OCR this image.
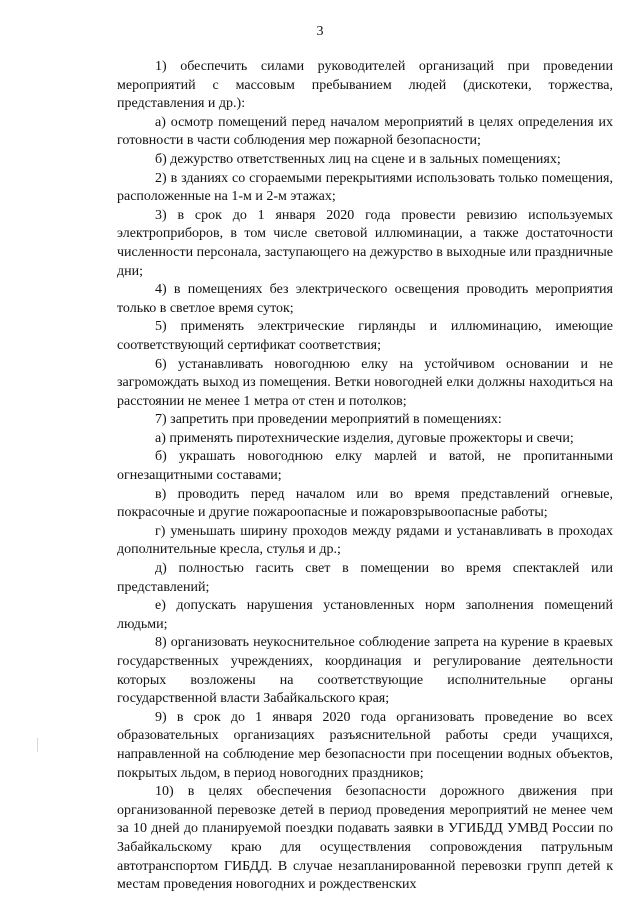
3

1) обеспечить силами руководителей организаций при проведении мероприятий с массовым пребыванием людей (дискотеки, торжества, представления и др.):

а) осмотр помещений перед началом мероприятий в целях определения их готовности в части соблюдения мер пожарной безопасности;

б) дежурство ответственных лиц на сцене и в зальных помещениях;

2) в зданиях со сгораемыми перекрытиями использовать только помещения, расположенные на 1-м и 2-м этажах;

3) в срок до 1 января 2020 года провести ревизию используемых электроприборов, в том числе световой иллюминации, а также достаточности численности персонала, заступающего на дежурство в выходные или праздничные дни;

4) в помещениях без электрического освещения проводить мероприятия только в светлое время суток;

5) применять электрические гирлянды и иллюминацию, имеющие соответствующий сертификат соответствия;

6) устанавливать новогоднюю елку на устойчивом основании и не загромождать выход из помещения. Ветки новогодней елки должны находиться на расстоянии не менее 1 метра от стен и потолков;

7) запретить при проведении мероприятий в помещениях:

а) применять пиротехнические изделия, дуговые прожекторы и свечи;

б) украшать новогоднюю елку марлей и ватой, не пропитанными огнезащитными составами;

в) проводить перед началом или во время представлений огневые, покрасочные и другие пожароопасные и пожаровзрывоопасные работы;

г) уменьшать ширину проходов между рядами и устанавливать в проходах дополнительные кресла, стулья и др.;

д) полностью гасить свет в помещении во время спектаклей или представлений;

е) допускать нарушения установленных норм заполнения помещений людьми;

8) организовать неукоснительное соблюдение запрета на курение в краевых государственных учреждениях, координация и регулирование деятельности которых возложены на соответствующие исполнительные органы государственной власти Забайкальского края;

9) в срок до 1 января 2020 года организовать проведение во всех образовательных организациях разъяснительной работы среди учащихся, направленной на соблюдение мер безопасности при посещении водных объектов, покрытых льдом, в период новогодних праздников;

10) в целях обеспечения безопасности дорожного движения при организованной перевозке детей в период проведения мероприятий не менее чем за 10 дней до планируемой поездки подавать заявки в УГИБДД УМВД России по Забайкальскому краю для осуществления сопровождения патрульным автотранспортом ГИБДД. В случае незапланированной перевозки групп детей к местам проведения новогодних и рождественских
